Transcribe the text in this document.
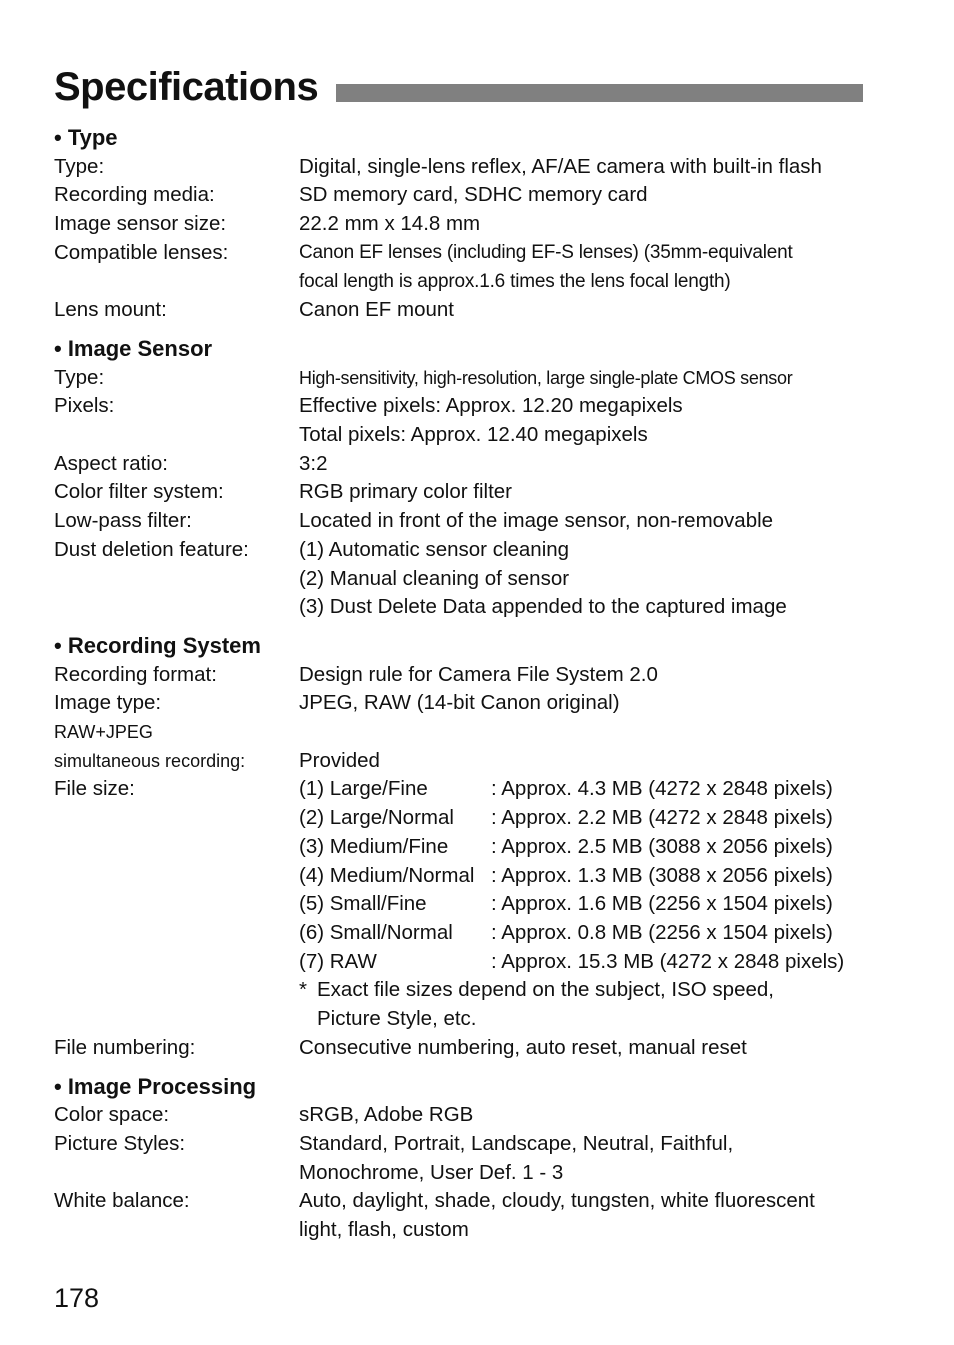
Specifications
• Type
Type:	Digital, single-lens reflex, AF/AE camera with built-in flash
Recording media:	SD memory card, SDHC memory card
Image sensor size:	22.2 mm x 14.8 mm
Compatible lenses:	Canon EF lenses (including EF-S lenses) (35mm-equivalent
focal length is approx.1.6 times the lens focal length)
Lens mount:	Canon EF mount
• Image Sensor
Type:	High-sensitivity, high-resolution, large single-plate CMOS sensor
Pixels:	Effective pixels: Approx. 12.20 megapixels
Total pixels: Approx. 12.40 megapixels
Aspect ratio:	3:2
Color filter system:	RGB primary color filter
Low-pass filter:	Located in front of the image sensor, non-removable
Dust deletion feature:	(1) Automatic sensor cleaning
(2) Manual cleaning of sensor
(3) Dust Delete Data appended to the captured image
• Recording System
Recording format:	Design rule for Camera File System 2.0
Image type:	JPEG, RAW (14-bit Canon original)
RAW+JPEG
simultaneous recording:	Provided
File size:	(1) Large/Fine	: Approx. 4.3 MB (4272 x 2848 pixels)
(2) Large/Normal	: Approx. 2.2 MB (4272 x 2848 pixels)
(3) Medium/Fine	: Approx. 2.5 MB (3088 x 2056 pixels)
(4) Medium/Normal : Approx. 1.3 MB (3088 x 2056 pixels)
(5) Small/Fine	: Approx. 1.6 MB (2256 x 1504 pixels)
(6) Small/Normal	: Approx. 0.8 MB (2256 x 1504 pixels)
(7) RAW	: Approx. 15.3 MB (4272 x 2848 pixels)
* Exact file sizes depend on the subject, ISO speed,
Picture Style, etc.
File numbering:	Consecutive numbering, auto reset, manual reset
• Image Processing
Color space:	sRGB, Adobe RGB
Picture Styles:	Standard, Portrait, Landscape, Neutral, Faithful,
Monochrome, User Def. 1 - 3
White balance:	Auto, daylight, shade, cloudy, tungsten, white fluorescent
light, flash, custom
178
